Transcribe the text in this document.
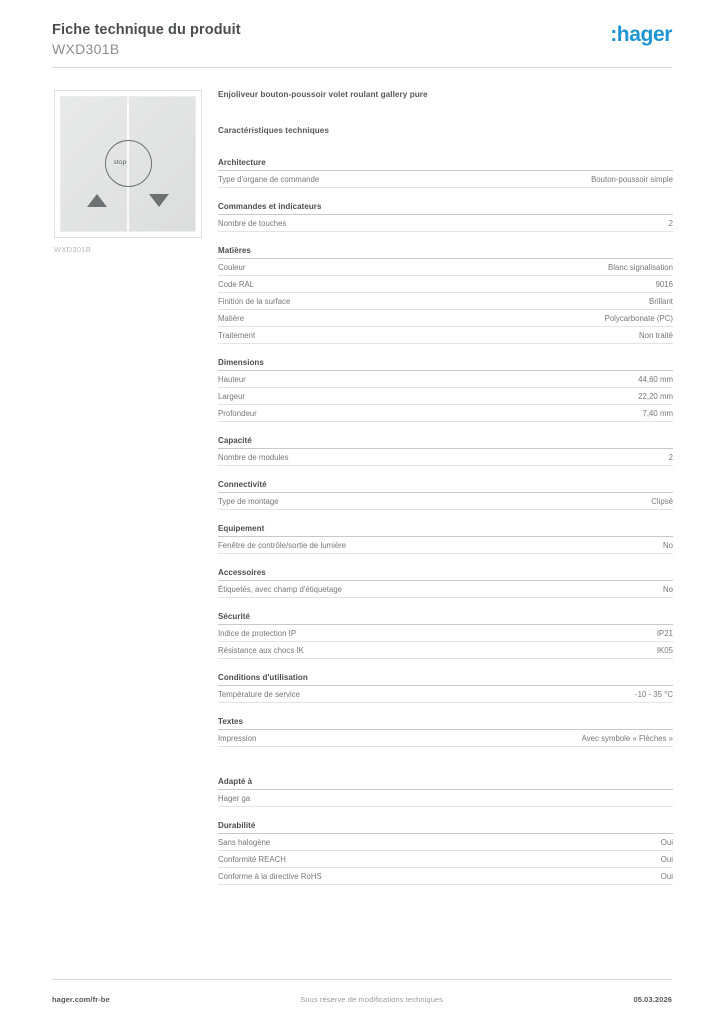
Fiche technique du produit
WXD301B
:hager
stop
WXD301B
Enjoliveur bouton-poussoir volet roulant gallery pure
Caractéristiques techniques
Architecture
Type d'organe de commande	Bouton-poussoir simple
Commandes et indicateurs
Nombre de touches	2
Matières
Couleur	Blanc signalisation
Code RAL	9016
Finition de la surface	Brillant
Matière	Polycarbonate (PC)
Traitement	Non traité
Dimensions
Hauteur	44,60 mm
Largeur	22,20 mm
Profondeur	7,40 mm
Capacité
Nombre de modules	2
Connectivité
Type de montage	Clipsé
Equipement
Fenêtre de contrôle/sortie de lumière	No
Accessoires
Étiquetés, avec champ d'étiquetage	No
Sécurité
Indice de protection IP	IP21
Résistance aux chocs IK	IK05
Conditions d'utilisation
Température de service	-10 - 35 °C
Textes
Impression	Avec symbole « Flèches »
Adapté à
Hager ga
Durabilité
Sans halogène	Oui
Conformité REACH	Oui
Conforme à la directive RoHS	Oui
hager.com/fr-be	Sous réserve de modifications techniques	05.03.2026
